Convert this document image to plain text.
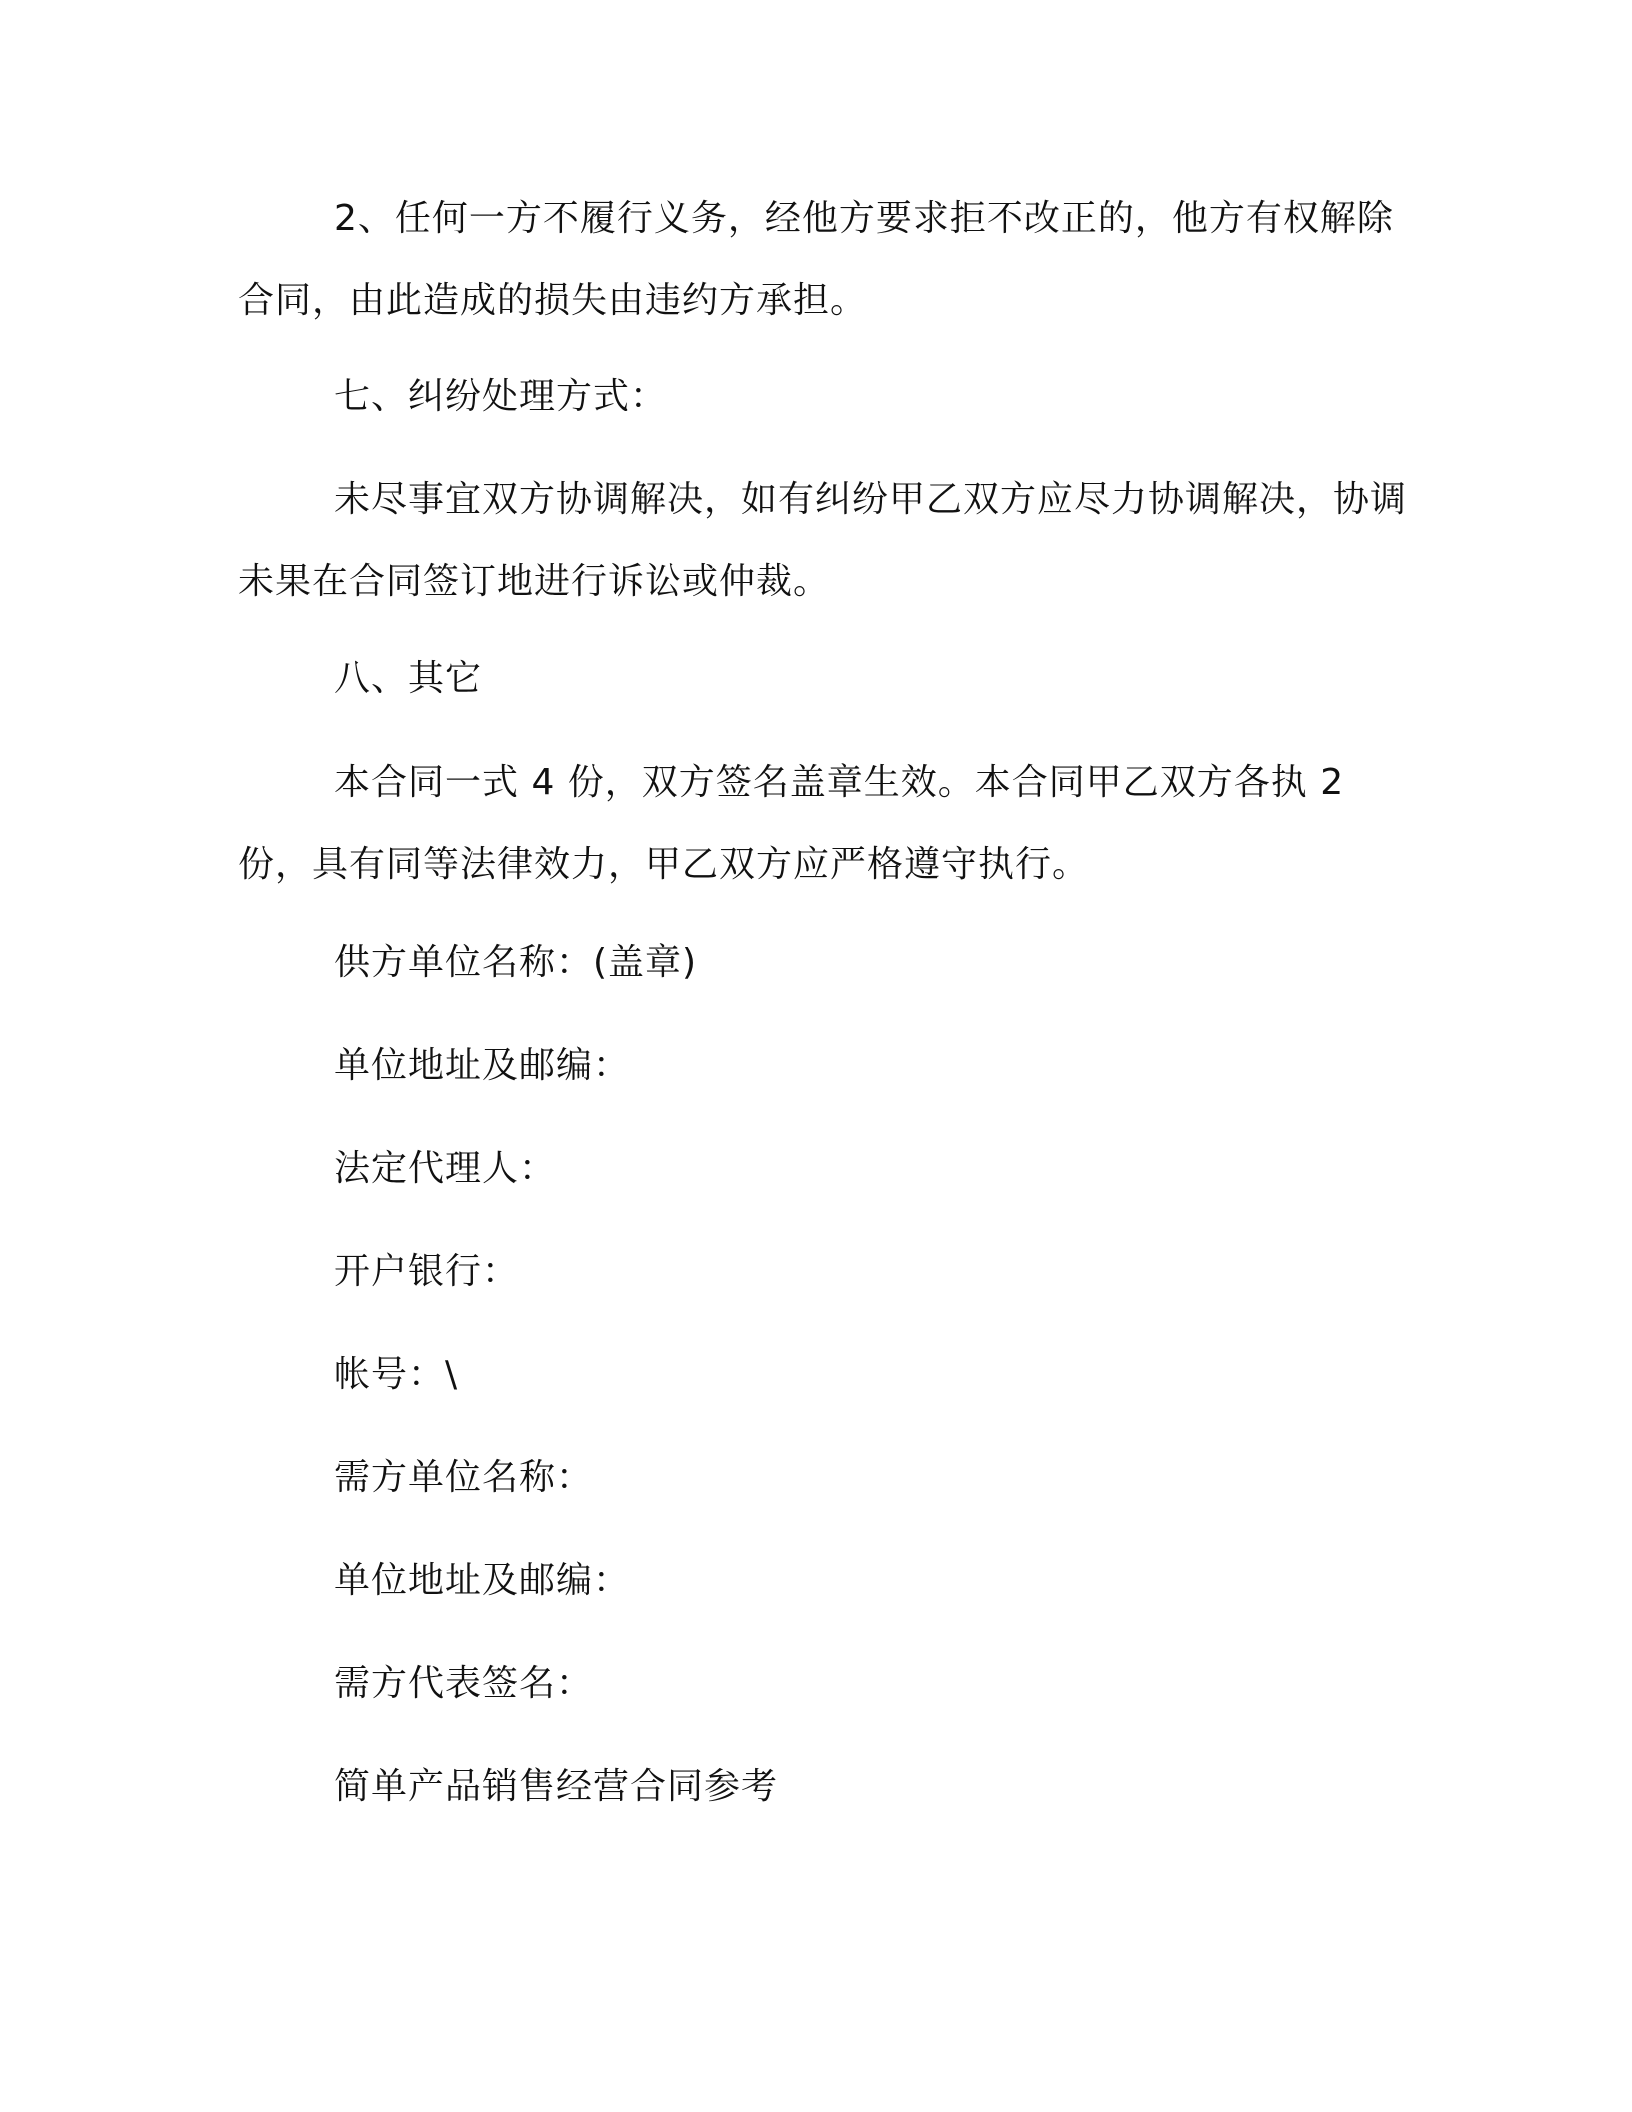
2、任何一方不履行义务，经他方要求拒不改正的，他方有权解除合同，由此造成的损失由违约方承担。
七、纠纷处理方式：
未尽事宜双方协调解决，如有纠纷甲乙双方应尽力协调解决，协调未果在合同签订地进行诉讼或仲裁。
八、其它
本合同一式 4 份，双方签名盖章生效。本合同甲乙双方各执 2 份，具有同等法律效力，甲乙双方应严格遵守执行。
供方单位名称：(盖章)
单位地址及邮编：
法定代理人：
开户银行：
帐号：\
需方单位名称：
单位地址及邮编：
需方代表签名：
简单产品销售经营合同参考
